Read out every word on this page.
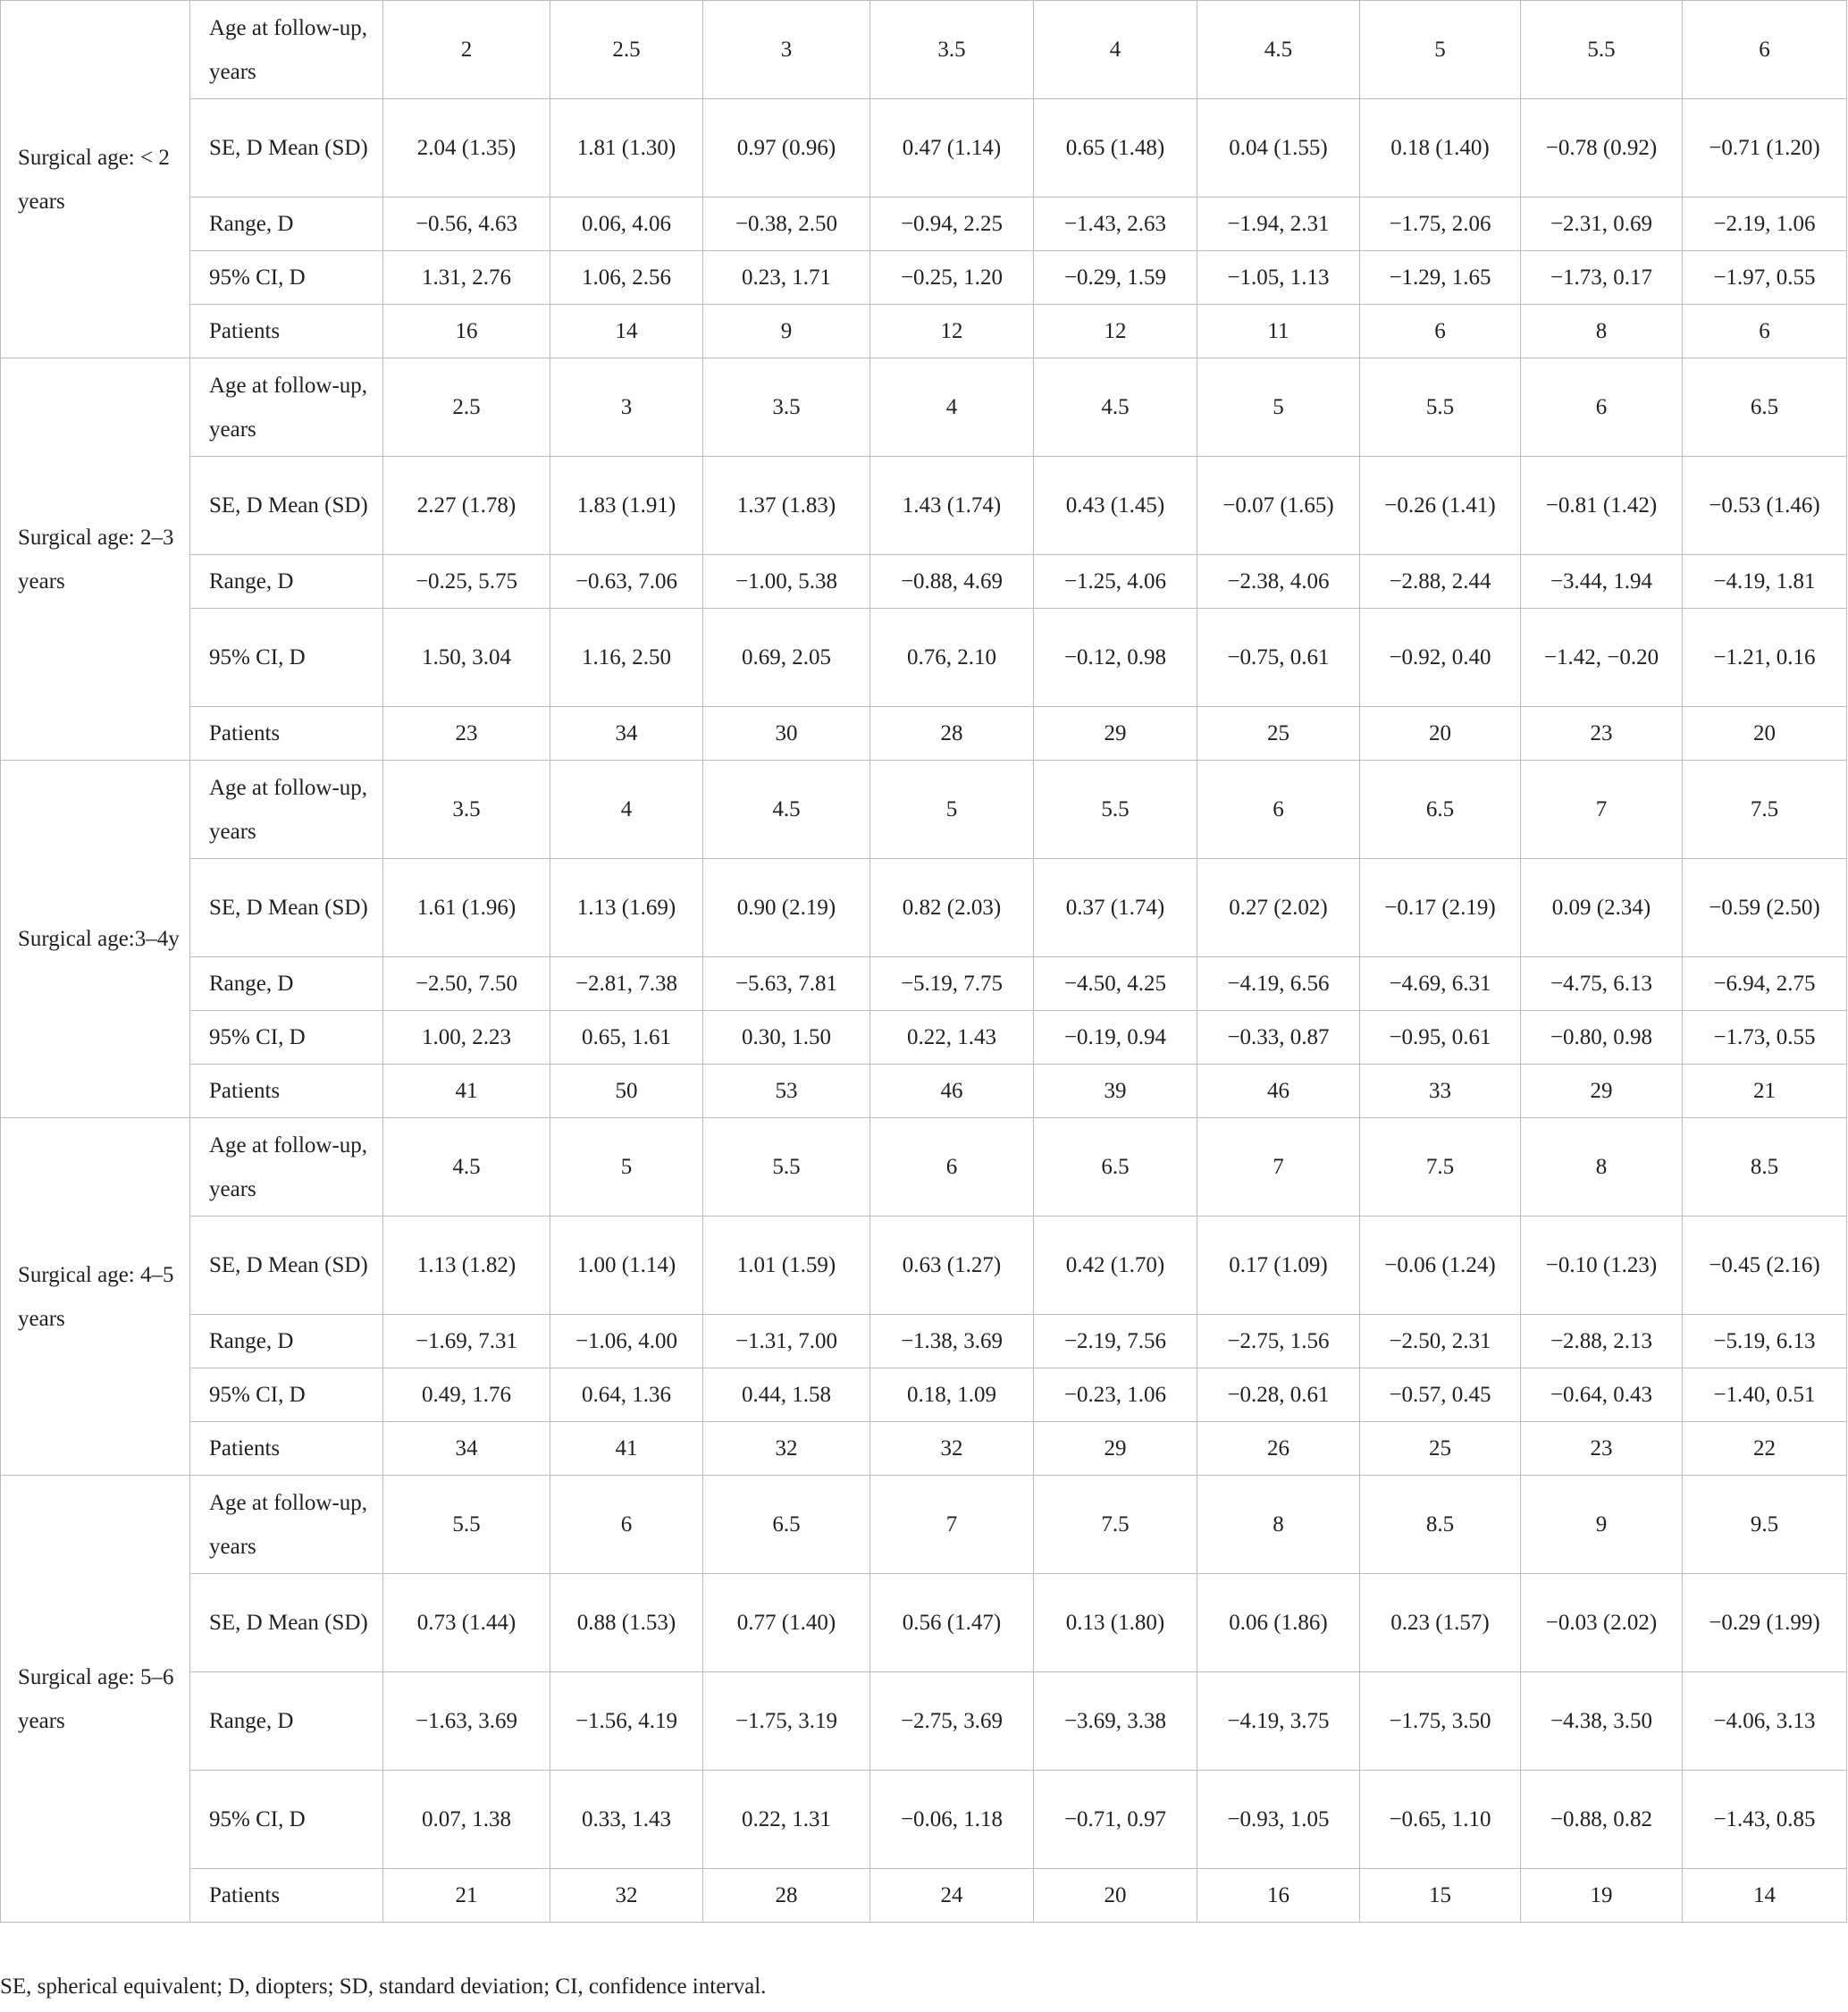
Surgical age: < 2 years	Age at follow-up, years	2	2.5	3	3.5	4	4.5	5	5.5	6
	SE, D Mean (SD)	2.04 (1.35)	1.81 (1.30)	0.97 (0.96)	0.47 (1.14)	0.65 (1.48)	0.04 (1.55)	0.18 (1.40)	−0.78 (0.92)	−0.71 (1.20)
	Range, D	−0.56, 4.63	0.06, 4.06	−0.38, 2.50	−0.94, 2.25	−1.43, 2.63	−1.94, 2.31	−1.75, 2.06	−2.31, 0.69	−2.19, 1.06
	95% CI, D	1.31, 2.76	1.06, 2.56	0.23, 1.71	−0.25, 1.20	−0.29, 1.59	−1.05, 1.13	−1.29, 1.65	−1.73, 0.17	−1.97, 0.55
	Patients	16	14	9	12	12	11	6	8	6
Surgical age: 2–3 years	Age at follow-up, years	2.5	3	3.5	4	4.5	5	5.5	6	6.5
	SE, D Mean (SD)	2.27 (1.78)	1.83 (1.91)	1.37 (1.83)	1.43 (1.74)	0.43 (1.45)	−0.07 (1.65)	−0.26 (1.41)	−0.81 (1.42)	−0.53 (1.46)
	Range, D	−0.25, 5.75	−0.63, 7.06	−1.00, 5.38	−0.88, 4.69	−1.25, 4.06	−2.38, 4.06	−2.88, 2.44	−3.44, 1.94	−4.19, 1.81
	95% CI, D	1.50, 3.04	1.16, 2.50	0.69, 2.05	0.76, 2.10	−0.12, 0.98	−0.75, 0.61	−0.92, 0.40	−1.42, −0.20	−1.21, 0.16
	Patients	23	34	30	28	29	25	20	23	20
Surgical age:3–4y	Age at follow-up, years	3.5	4	4.5	5	5.5	6	6.5	7	7.5
	SE, D Mean (SD)	1.61 (1.96)	1.13 (1.69)	0.90 (2.19)	0.82 (2.03)	0.37 (1.74)	0.27 (2.02)	−0.17 (2.19)	0.09 (2.34)	−0.59 (2.50)
	Range, D	−2.50, 7.50	−2.81, 7.38	−5.63, 7.81	−5.19, 7.75	−4.50, 4.25	−4.19, 6.56	−4.69, 6.31	−4.75, 6.13	−6.94, 2.75
	95% CI, D	1.00, 2.23	0.65, 1.61	0.30, 1.50	0.22, 1.43	−0.19, 0.94	−0.33, 0.87	−0.95, 0.61	−0.80, 0.98	−1.73, 0.55
	Patients	41	50	53	46	39	46	33	29	21
Surgical age: 4–5 years	Age at follow-up, years	4.5	5	5.5	6	6.5	7	7.5	8	8.5
	SE, D Mean (SD)	1.13 (1.82)	1.00 (1.14)	1.01 (1.59)	0.63 (1.27)	0.42 (1.70)	0.17 (1.09)	−0.06 (1.24)	−0.10 (1.23)	−0.45 (2.16)
	Range, D	−1.69, 7.31	−1.06, 4.00	−1.31, 7.00	−1.38, 3.69	−2.19, 7.56	−2.75, 1.56	−2.50, 2.31	−2.88, 2.13	−5.19, 6.13
	95% CI, D	0.49, 1.76	0.64, 1.36	0.44, 1.58	0.18, 1.09	−0.23, 1.06	−0.28, 0.61	−0.57, 0.45	−0.64, 0.43	−1.40, 0.51
	Patients	34	41	32	32	29	26	25	23	22
Surgical age: 5–6 years	Age at follow-up, years	5.5	6	6.5	7	7.5	8	8.5	9	9.5
	SE, D Mean (SD)	0.73 (1.44)	0.88 (1.53)	0.77 (1.40)	0.56 (1.47)	0.13 (1.80)	0.06 (1.86)	0.23 (1.57)	−0.03 (2.02)	−0.29 (1.99)
	Range, D	−1.63, 3.69	−1.56, 4.19	−1.75, 3.19	−2.75, 3.69	−3.69, 3.38	−4.19, 3.75	−1.75, 3.50	−4.38, 3.50	−4.06, 3.13
	95% CI, D	0.07, 1.38	0.33, 1.43	0.22, 1.31	−0.06, 1.18	−0.71, 0.97	−0.93, 1.05	−0.65, 1.10	−0.88, 0.82	−1.43, 0.85
	Patients	21	32	28	24	20	16	15	19	14
SE, spherical equivalent; D, diopters; SD, standard deviation; CI, confidence interval.
